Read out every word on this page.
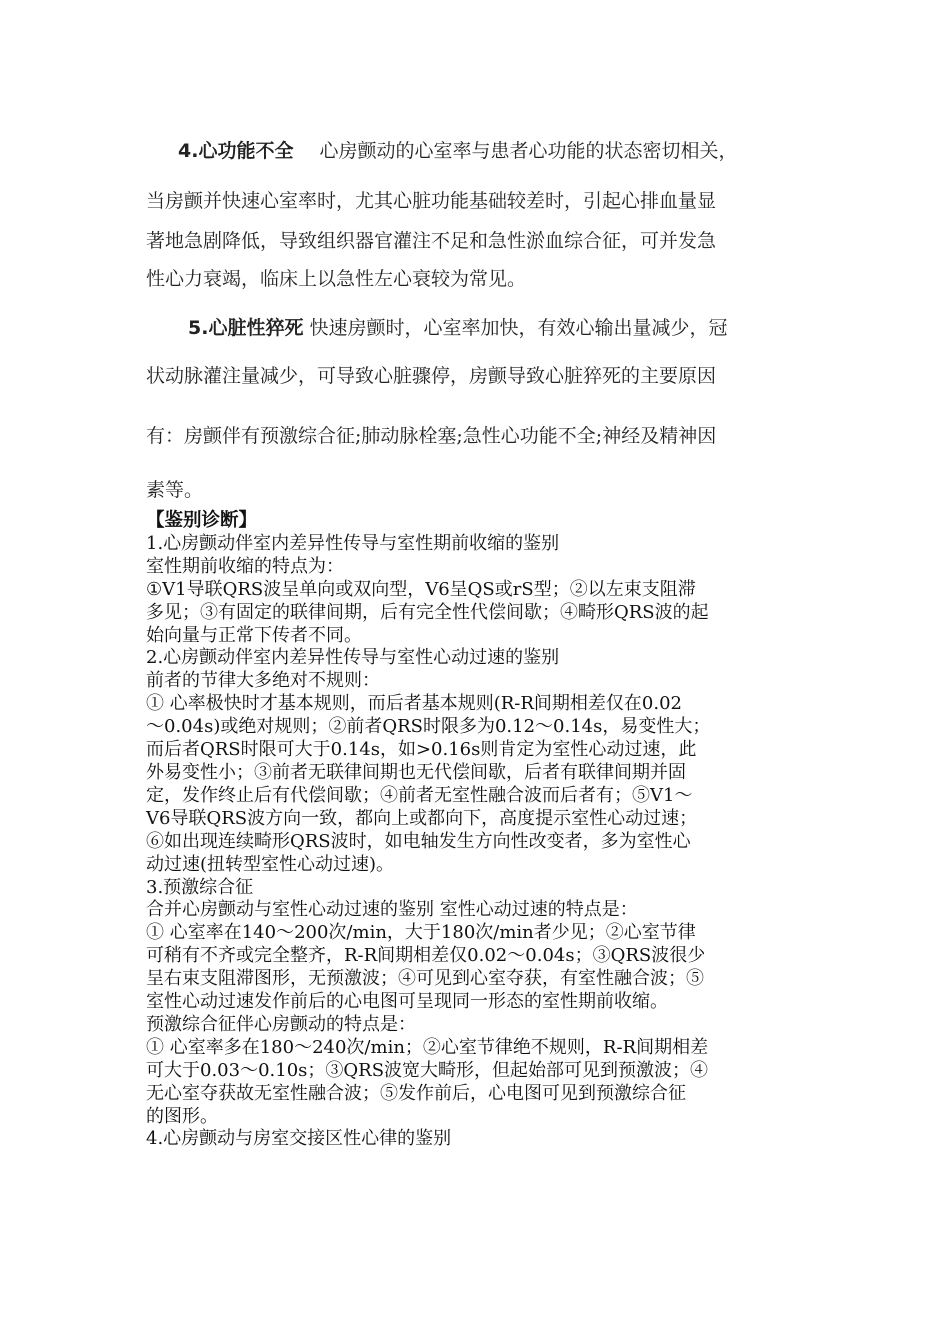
4.心功能不全 心房颤动的心室率与患者心功能的状态密切相关，
当房颤并快速心室率时，尤其心脏功能基础较差时，引起心排血量显
著地急剧降低，导致组织器官灌注不足和急性淤血综合征，可并发急
性心力衰竭，临床上以急性左心衰较为常见。
5.心脏性猝死 快速房颤时，心室率加快，有效心输出量减少，冠
状动脉灌注量减少，可导致心脏骤停，房颤导致心脏猝死的主要原因
有：房颤伴有预激综合征;肺动脉栓塞;急性心功能不全;神经及精神因
素等。
【鉴别诊断】
1.心房颤动伴室内差异性传导与室性期前收缩的鉴别
室性期前收缩的特点为：
①V1导联QRS波呈单向或双向型，V6呈QS或rS型；②以左束支阻滞
多见；③有固定的联律间期，后有完全性代偿间歇；④畸形QRS波的起
始向量与正常下传者不同。
2.心房颤动伴室内差异性传导与室性心动过速的鉴别
前者的节律大多绝对不规则：
① 心率极快时才基本规则，而后者基本规则(R-R间期相差仅在0.02
～0.04s)或绝对规则；②前者QRS时限多为0.12～0.14s，易变性大；
而后者QRS时限可大于0.14s，如>0.16s则肯定为室性心动过速，此
外易变性小；③前者无联律间期也无代偿间歇，后者有联律间期并固
定，发作终止后有代偿间歇；④前者无室性融合波而后者有；⑤V1～
V6导联QRS波方向一致，都向上或都向下，高度提示室性心动过速；
⑥如出现连续畸形QRS波时，如电轴发生方向性改变者，多为室性心
动过速(扭转型室性心动过速)。
3.预激综合征
合并心房颤动与室性心动过速的鉴别 室性心动过速的特点是：
① 心室率在140～200次/min，大于180次/min者少见；②心室节律
可稍有不齐或完全整齐，R-R间期相差仅0.02～0.04s；③QRS波很少
呈右束支阻滞图形，无预激波；④可见到心室夺获，有室性融合波；⑤
室性心动过速发作前后的心电图可呈现同一形态的室性期前收缩。
预激综合征伴心房颤动的特点是：
① 心室率多在180～240次/min；②心室节律绝不规则，R-R间期相差
可大于0.03～0.10s；③QRS波宽大畸形，但起始部可见到预激波；④
无心室夺获故无室性融合波；⑤发作前后，心电图可见到预激综合征
的图形。
4.心房颤动与房室交接区性心律的鉴别
